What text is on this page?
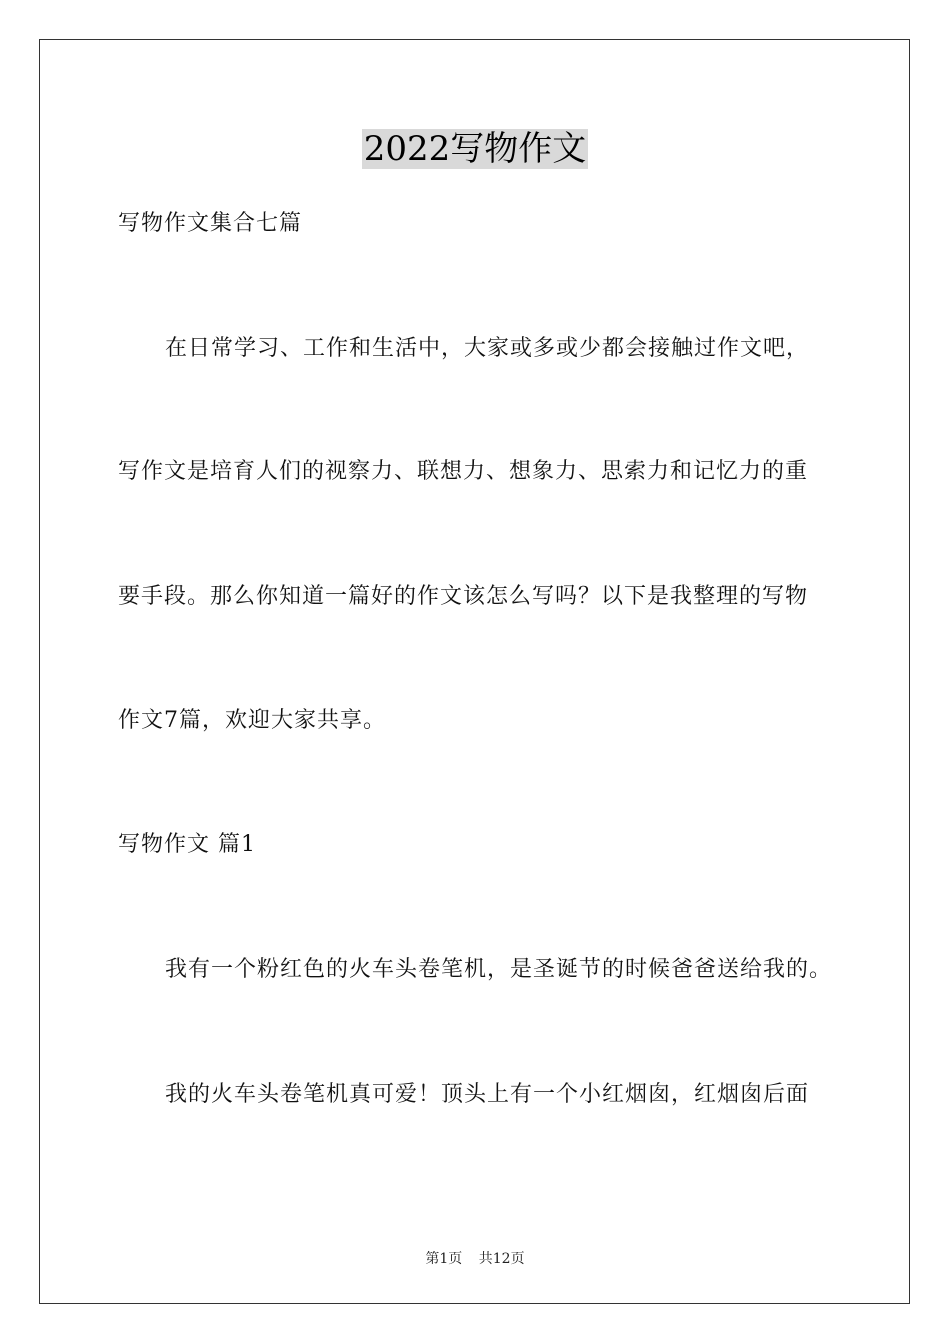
2022写物作文
写物作文集合七篇
在日常学习、工作和生活中，大家或多或少都会接触过作文吧，
写作文是培育人们的视察力、联想力、想象力、思索力和记忆力的重
要手段。那么你知道一篇好的作文该怎么写吗？以下是我整理的写物
作文7篇，欢迎大家共享。
写物作文 篇1
我有一个粉红色的火车头卷笔机，是圣诞节的时候爸爸送给我的。
我的火车头卷笔机真可爱！顶头上有一个小红烟囱，红烟囱后面
第1页 共12页
